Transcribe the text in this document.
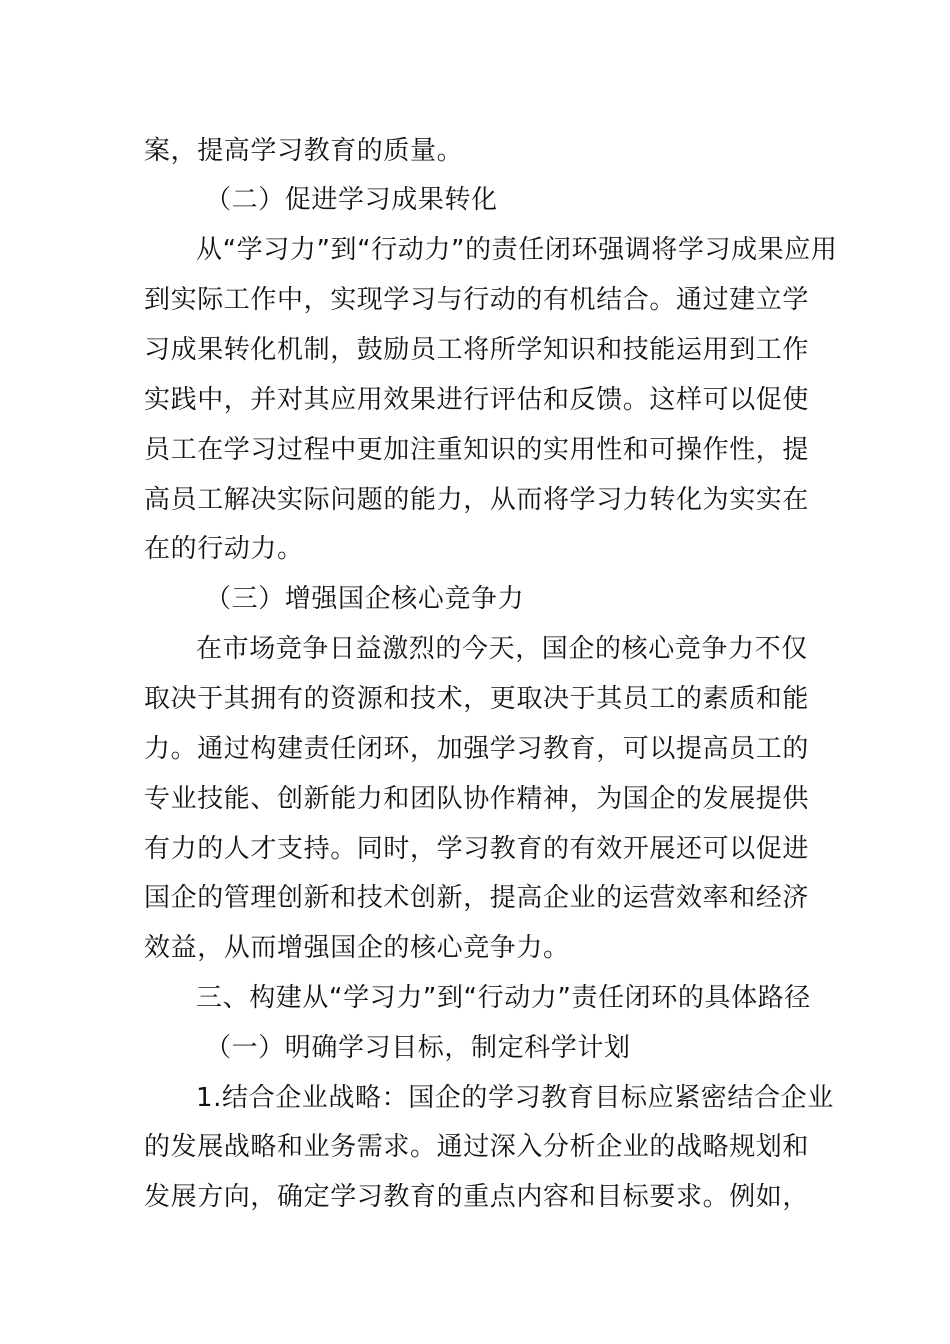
案，提高学习教育的质量。
（二）促进学习成果转化
从“学习力”到“行动力”的责任闭环强调将学习成果应用
到实际工作中，实现学习与行动的有机结合。通过建立学
习成果转化机制，鼓励员工将所学知识和技能运用到工作
实践中，并对其应用效果进行评估和反馈。这样可以促使
员工在学习过程中更加注重知识的实用性和可操作性，提
高员工解决实际问题的能力，从而将学习力转化为实实在
在的行动力。
（三）增强国企核心竞争力
在市场竞争日益激烈的今天，国企的核心竞争力不仅
取决于其拥有的资源和技术，更取决于其员工的素质和能
力。通过构建责任闭环，加强学习教育，可以提高员工的
专业技能、创新能力和团队协作精神，为国企的发展提供
有力的人才支持。同时，学习教育的有效开展还可以促进
国企的管理创新和技术创新，提高企业的运营效率和经济
效益，从而增强国企的核心竞争力。
三、构建从“学习力”到“行动力”责任闭环的具体路径
（一）明确学习目标，制定科学计划
1.结合企业战略：国企的学习教育目标应紧密结合企业
的发展战略和业务需求。通过深入分析企业的战略规划和
发展方向，确定学习教育的重点内容和目标要求。例如，
